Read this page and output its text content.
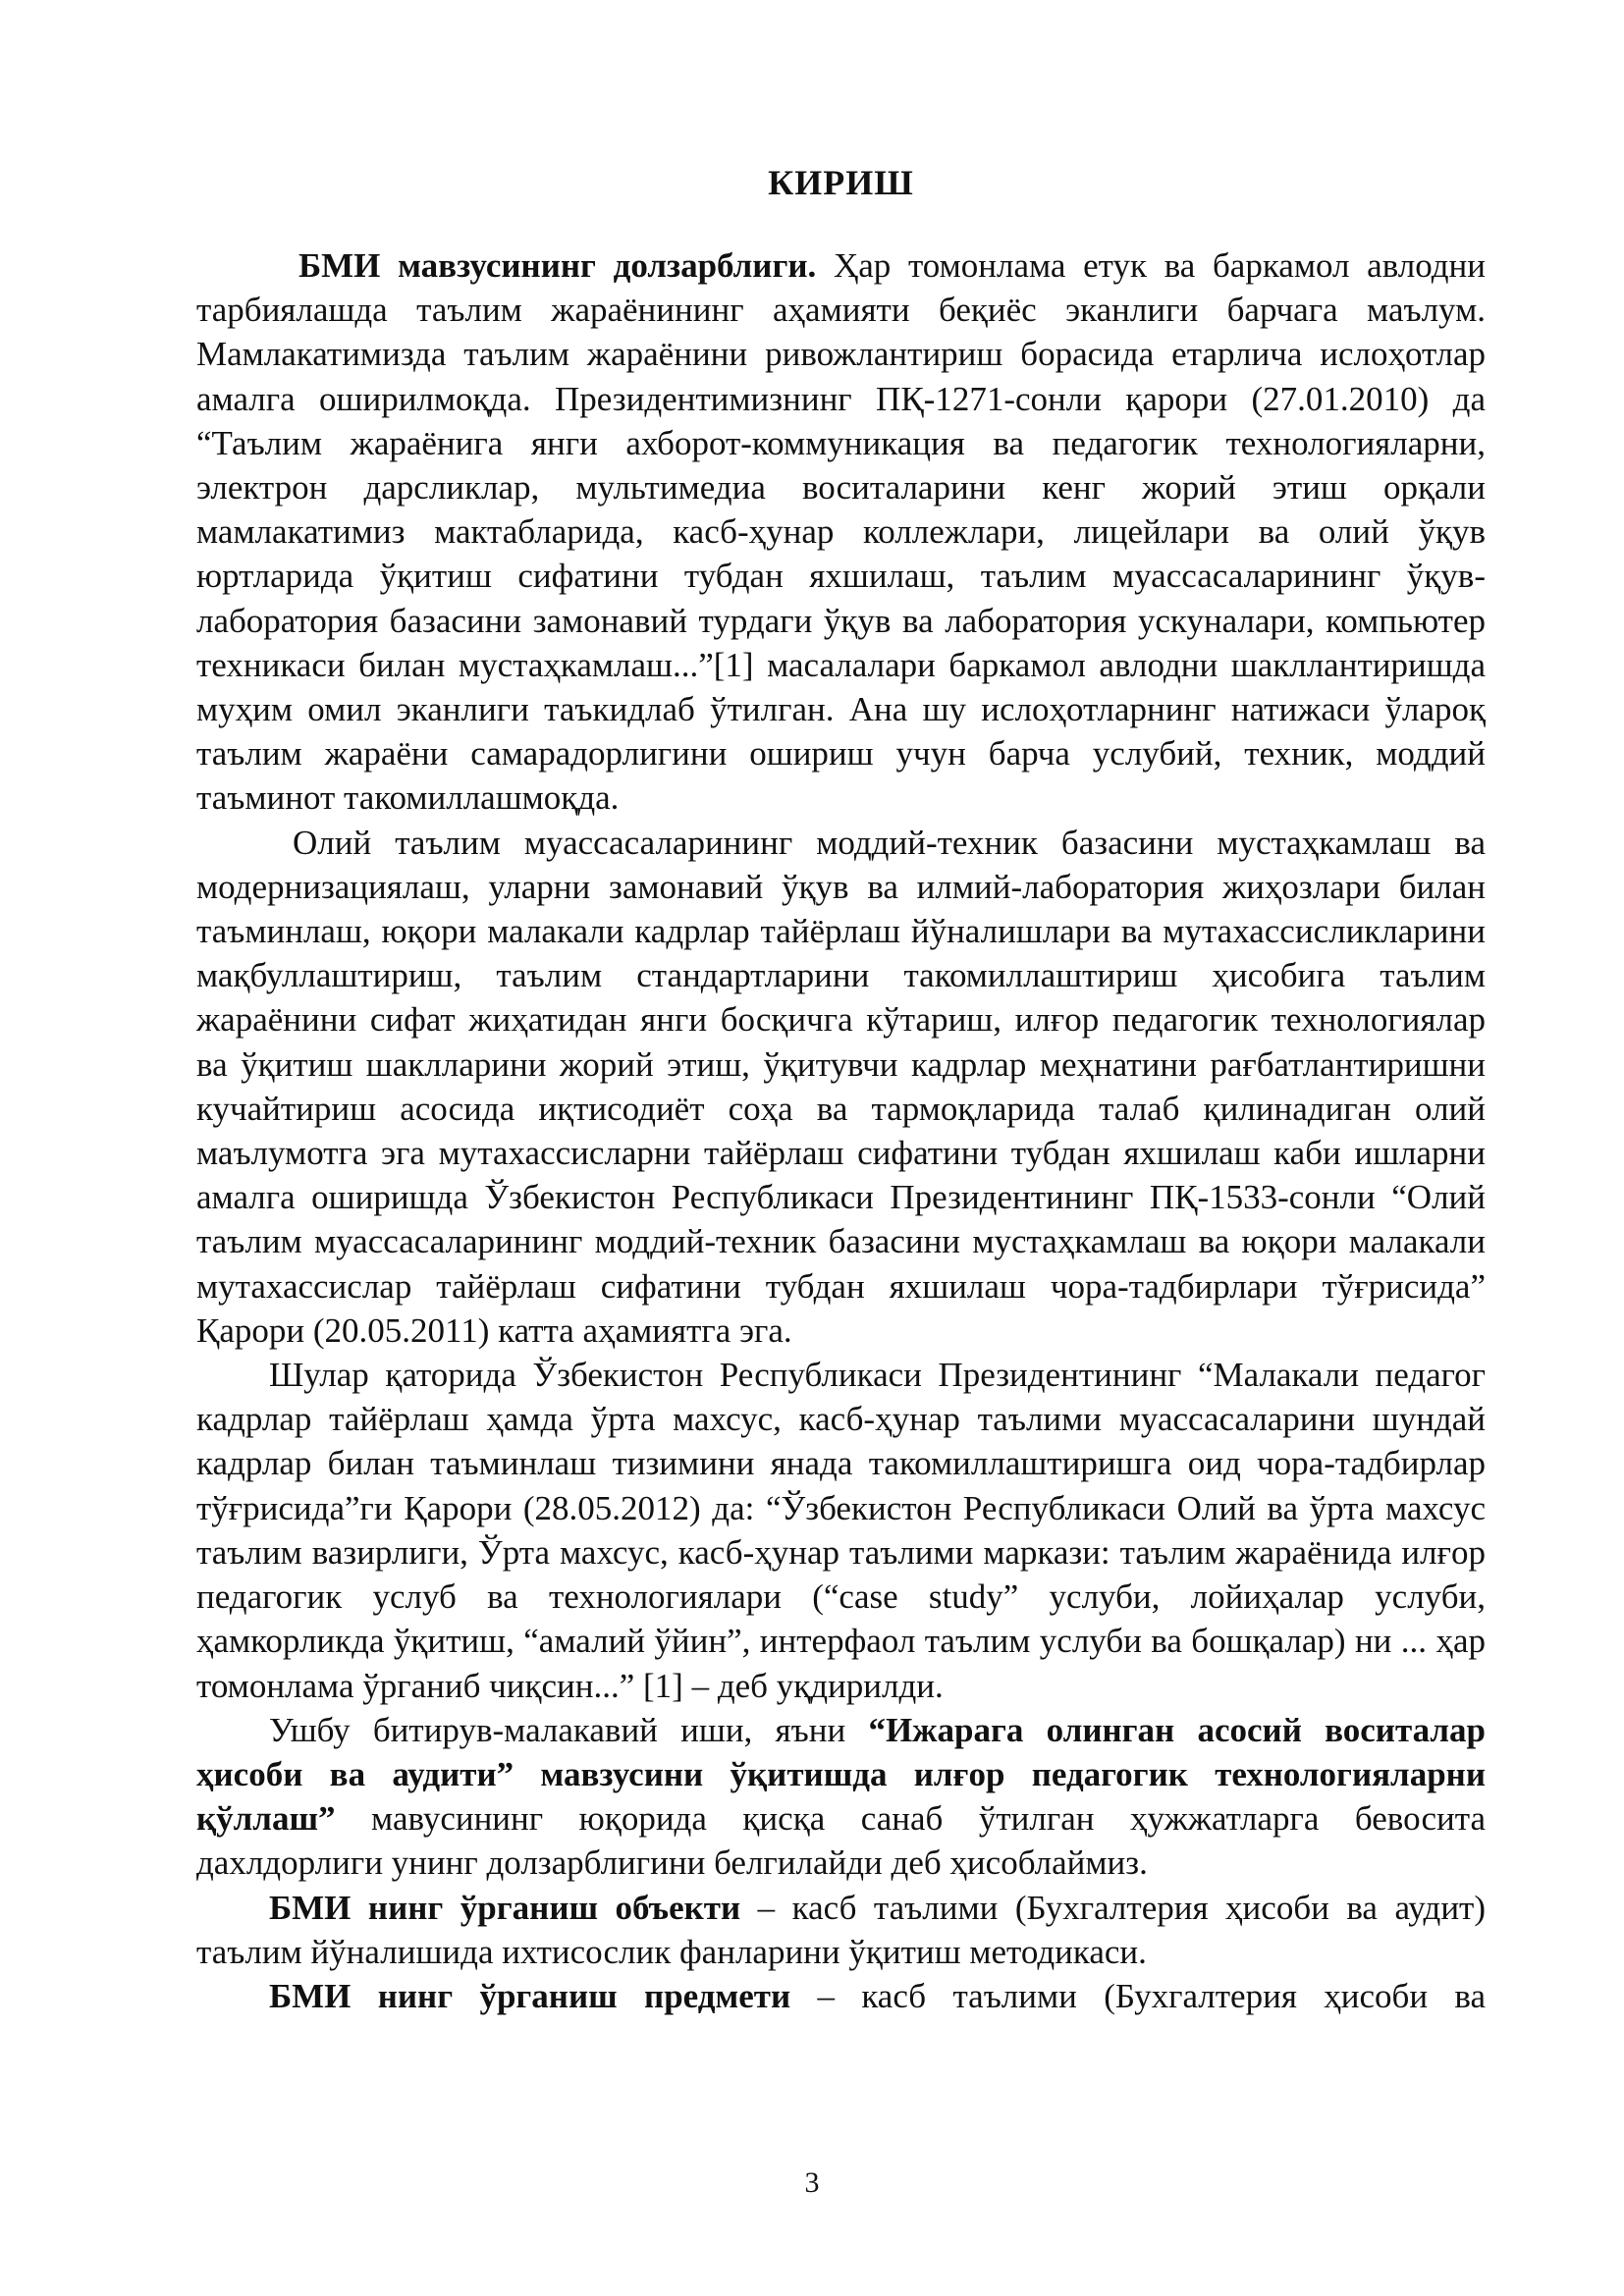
КИРИШ

БМИ мавзусининг долзарблиги. Ҳар томонлама етук ва баркамол авлодни тарбиялашда таълим жараёнининг аҳамияти беқиёс эканлиги барчага маълум. Мамлакатимизда таълим жараёнини ривожлантириш борасида етарлича ислоҳотлар амалга оширилмоқда. Президентимизнинг ПҚ-1271-сонли қарори (27.01.2010) да “Таълим жараёнига янги ахборот-коммуникация ва педагогик технологияларни, электрон дарсликлар, мультимедиа воситаларини кенг жорий этиш орқали мамлакатимиз мактабларида, касб-ҳунар коллежлари, лицейлари ва олий ўқув юртларида ўқитиш сифатини тубдан яхшилаш, таълим муассасаларининг ўқув-лаборатория базасини замонавий турдаги ўқув ва лаборатория ускуналари, компьютер техникаси билан мустаҳкамлаш...”[1] масалалари баркамол авлодни шакллантиришда муҳим омил эканлиги таъкидлаб ўтилган. Ана шу ислоҳотларнинг натижаси ўлароқ таълим жараёни самарадорлигини ошириш учун барча услубий, техник, моддий таъминот такомиллашмоқда.

Олий таълим муассасаларининг моддий-техник базасини мустаҳкамлаш ва модернизациялаш, уларни замонавий ўқув ва илмий-лаборатория жиҳозлари билан таъминлаш, юқори малакали кадрлар тайёрлаш йўналишлари ва мутахассисликларини мақбуллаштириш, таълим стандартларини такомиллаштириш ҳисобига таълим жараёнини сифат жиҳатидан янги босқичга кўтариш, илғор педагогик технологиялар ва ўқитиш шаклларини жорий этиш, ўқитувчи кадрлар меҳнатини рағбатлантиришни кучайтириш асосида иқтисодиёт соҳа ва тармоқларида талаб қилинадиган олий маълумотга эга мутахассисларни тайёрлаш сифатини тубдан яхшилаш каби ишларни амалга оширишда Ўзбекистон Республикаси Президентининг ПҚ-1533-сонли “Олий таълим муассасаларининг моддий-техник базасини мустаҳкамлаш ва юқори малакали мутахассислар тайёрлаш сифатини тубдан яхшилаш чора-тадбирлари тўғрисида” Қарори (20.05.2011) катта аҳамиятга эга.

Шулар қаторида Ўзбекистон Республикаси Президентининг “Малакали педагог кадрлар тайёрлаш ҳамда ўрта махсус, касб-ҳунар таълими муассасаларини шундай кадрлар билан таъминлаш тизимини янада такомиллаштиришга оид чора-тадбирлар тўғрисида”ги Қарори (28.05.2012) да: “Ўзбекистон Республикаси Олий ва ўрта махсус таълим вазирлиги, Ўрта махсус, касб-ҳунар таълими маркази: таълим жараёнида илғор педагогик услуб ва технологиялари (“case study” услуби, лойиҳалар услуби, ҳамкорликда ўқитиш, “амалий ўйин”, интерфаол таълим услуби ва бошқалар) ни ... ҳар томонлама ўрганиб чиқсин...” [1] – деб уқдирилди.

Ушбу битирув-малакавий иши, яъни “Ижарага олинган асосий воситалар ҳисоби ва аудити” мавзусини ўқитишда илғор педагогик технологияларни қўллаш” мавусининг юқорида қисқа санаб ўтилган ҳужжатларга бевосита дахлдорлиги унинг долзарблигини белгилайди деб ҳисоблаймиз.

БМИ нинг ўрганиш объекти – касб таълими (Бухгалтерия ҳисоби ва аудит) таълим йўналишида ихтисослик фанларини ўқитиш методикаси.

БМИ нинг ўрганиш предмети – касб таълими (Бухгалтерия ҳисоби ва

3
